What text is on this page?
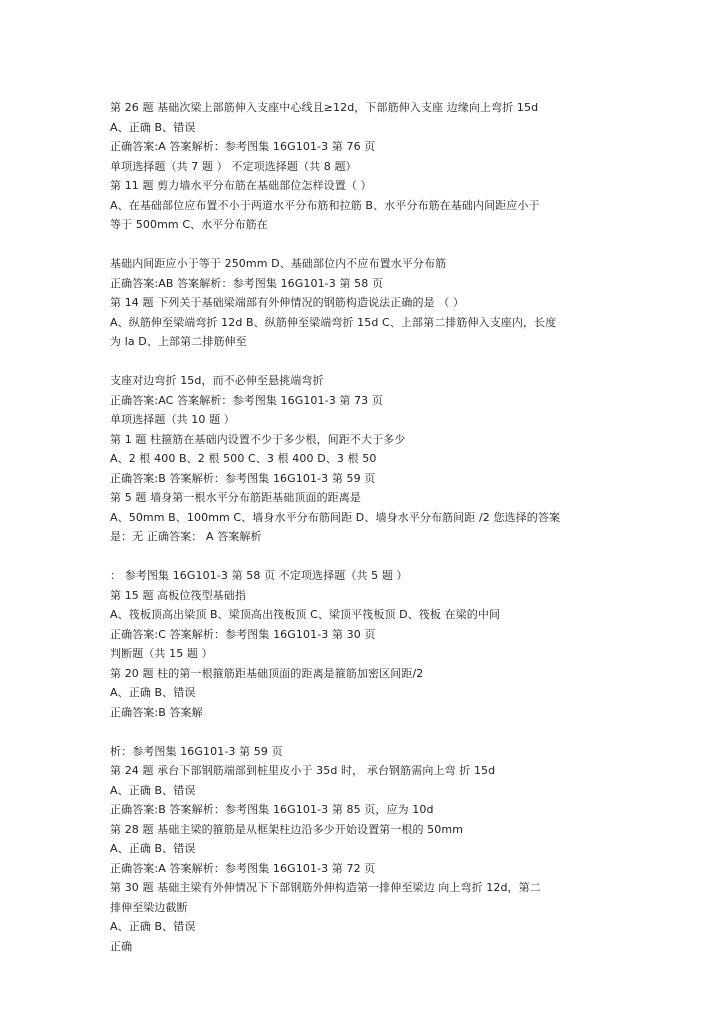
第 26 题 基础次梁上部筋伸入支座中心线且≥12d，下部筋伸入支座 边缘向上弯折 15d
A、正确 B、错误
正确答案:A 答案解析：参考图集 16G101-3 第 76 页
单项选择题（共 7 题 ） 不定项选择题（共 8 题）
第 11 题 剪力墙水平分布筋在基础部位怎样设置（ ）
A、在基础部位应布置不小于两道水平分布筋和拉筋 B、水平分布筋在基础内间距应小于
等于 500mm C、水平分布筋在
基础内间距应小于等于 250mm D、基础部位内不应布置水平分布筋
正确答案:AB 答案解析：参考图集 16G101-3 第 58 页
第 14 题 下列关于基础梁端部有外伸情况的钢筋构造说法正确的是 （ ）
A、纵筋伸至梁端弯折 12d B、纵筋伸至梁端弯折 15d C、上部第二排筋伸入支座内，长度
为 la D、上部第二排筋伸至
支座对边弯折 15d，而不必伸至悬挑端弯折
正确答案:AC 答案解析：参考图集 16G101-3 第 73 页
单项选择题（共 10 题 ）
第 1 题 柱箍筋在基础内设置不少于多少根，间距不大于多少
A、2 根 400 B、2 根 500 C、3 根 400 D、3 根 50
正确答案:B 答案解析：参考图集 16G101-3 第 59 页
第 5 题 墙身第一根水平分布筋距基础顶面的距离是
A、50mm B、100mm C、墙身水平分布筋间距 D、墙身水平分布筋间距 /2 您选择的答案
是：无 正确答案： A 答案解析
： 参考图集 16G101-3 第 58 页 不定项选择题（共 5 题 ）
第 15 题 高板位筏型基础指
A、筏板顶高出梁顶 B、梁顶高出筏板顶 C、梁顶平筏板顶 D、筏板 在梁的中间
正确答案:C 答案解析：参考图集 16G101-3 第 30 页
判断题（共 15 题 ）
第 20 题 柱的第一根箍筋距基础顶面的距离是箍筋加密区间距/2
A、正确 B、错误
正确答案:B 答案解
析：参考图集 16G101-3 第 59 页
第 24 题 承台下部钢筋端部到桩里皮小于 35d 时， 承台钢筋需向上弯 折 15d
A、正确 B、错误
正确答案:B 答案解析：参考图集 16G101-3 第 85 页，应为 10d
第 28 题 基础主梁的箍筋是从框架柱边沿多少开始设置第一根的 50mm
A、正确 B、错误
正确答案:A 答案解析：参考图集 16G101-3 第 72 页
第 30 题 基础主梁有外伸情况下下部钢筋外伸构造第一排伸至梁边 向上弯折 12d，第二
排伸至梁边截断
A、正确 B、错误
正确
